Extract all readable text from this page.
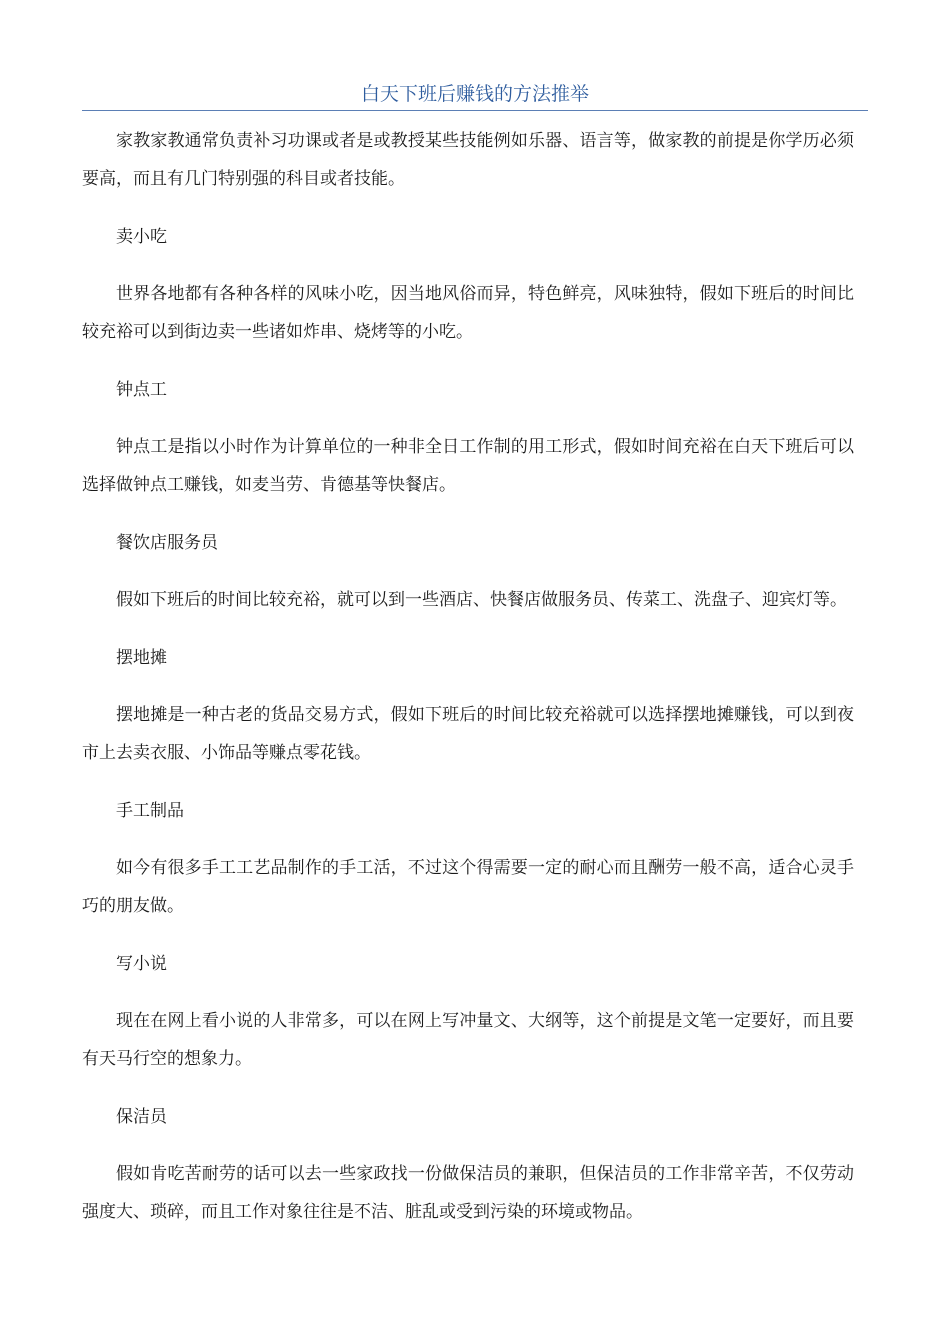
白天下班后赚钱的方法推举

家教家教通常负责补习功课或者是或教授某些技能例如乐器、语言等，做家教的前提是你学历必须要高，而且有几门特别强的科目或者技能。

卖小吃

世界各地都有各种各样的风味小吃，因当地风俗而异，特色鲜亮，风味独特，假如下班后的时间比较充裕可以到街边卖一些诸如炸串、烧烤等的小吃。

钟点工

钟点工是指以小时作为计算单位的一种非全日工作制的用工形式，假如时间充裕在白天下班后可以选择做钟点工赚钱，如麦当劳、肯德基等快餐店。

餐饮店服务员

假如下班后的时间比较充裕，就可以到一些酒店、快餐店做服务员、传菜工、洗盘子、迎宾灯等。

摆地摊

摆地摊是一种古老的货品交易方式，假如下班后的时间比较充裕就可以选择摆地摊赚钱，可以到夜市上去卖衣服、小饰品等赚点零花钱。

手工制品

如今有很多手工工艺品制作的手工活，不过这个得需要一定的耐心而且酬劳一般不高，适合心灵手巧的朋友做。

写小说

现在在网上看小说的人非常多，可以在网上写冲量文、大纲等，这个前提是文笔一定要好，而且要有天马行空的想象力。

保洁员

假如肯吃苦耐劳的话可以去一些家政找一份做保洁员的兼职，但保洁员的工作非常辛苦，不仅劳动强度大、琐碎，而且工作对象往往是不洁、脏乱或受到污染的环境或物品。
